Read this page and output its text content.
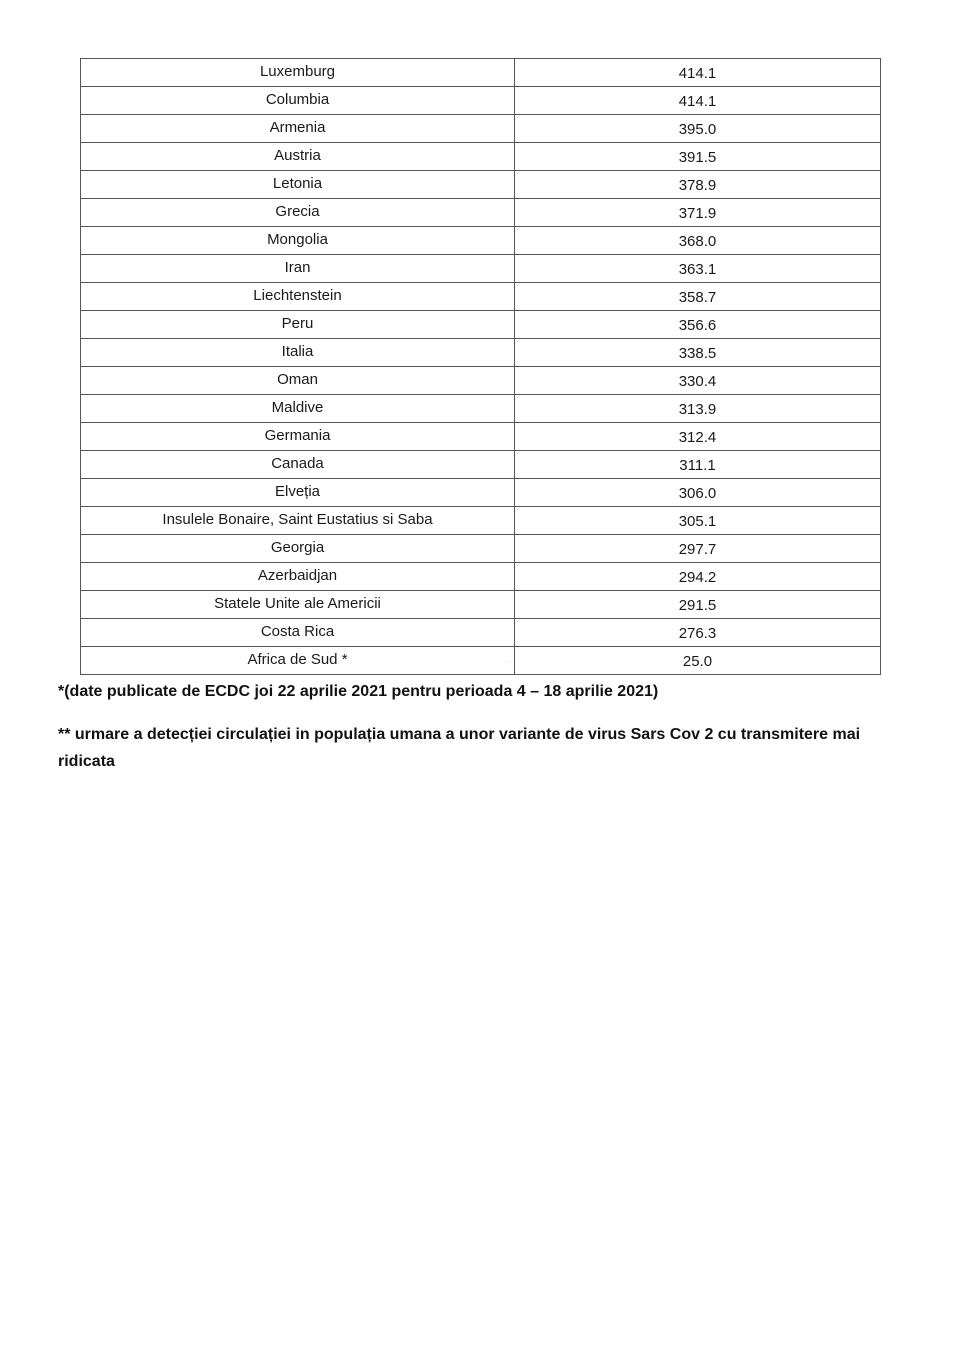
Luxemburg	414.1
Columbia	414.1
Armenia	395.0
Austria	391.5
Letonia	378.9
Grecia	371.9
Mongolia	368.0
Iran	363.1
Liechtenstein	358.7
Peru	356.6
Italia	338.5
Oman	330.4
Maldive	313.9
Germania	312.4
Canada	311.1
Elveția	306.0
Insulele Bonaire, Saint Eustatius si Saba	305.1
Georgia	297.7
Azerbaidjan	294.2
Statele Unite ale Americii	291.5
Costa Rica	276.3
Africa de Sud *	25.0
····
*(date publicate de ECDC joi 22 aprilie 2021 pentru perioada 4 – 18 aprilie 2021)
** urmare a detecției circulației in populația umana a unor variante de virus Sars Cov 2 cu transmitere mai ridicata
